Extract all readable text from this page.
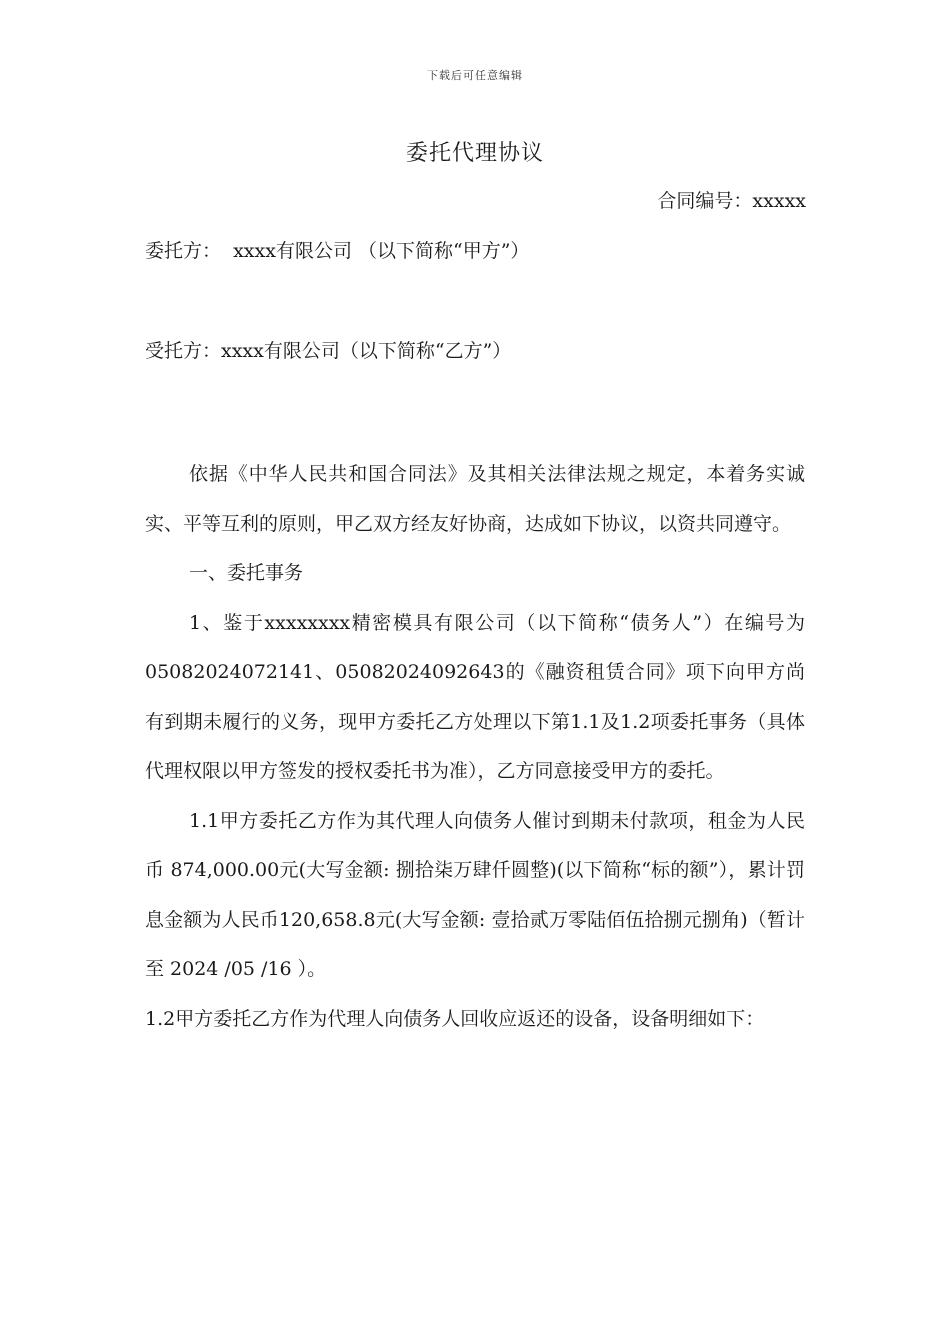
下载后可任意编辑
委托代理协议
合同编号：xxxxx
委托方：  xxxx有限公司 （以下简称“甲方”）
受托方：xxxx有限公司（以下简称“乙方”）

依据《中华人民共和国合同法》及其相关法律法规之规定，本着务实诚实、平等互利的原则，甲乙双方经友好协商，达成如下协议，以资共同遵守。

一、委托事务

1、鉴于xxxxxxxx精密模具有限公司（以下简称“债务人”）在编号为05082024072141、05082024092643的《融资租赁合同》项下向甲方尚有到期未履行的义务，现甲方委托乙方处理以下第1.1及1.2项委托事务（具体代理权限以甲方签发的授权委托书为准），乙方同意接受甲方的委托。

1.1甲方委托乙方作为其代理人向债务人催讨到期未付款项，租金为人民币 874,000.00元(大写金额: 捌拾柒万肆仟圆整)(以下简称“标的额”），累计罚息金额为人民币120,658.8元(大写金额: 壹拾贰万零陆佰伍拾捌元捌角)（暂计至 2024 /05 /16 ）。

1.2甲方委托乙方作为代理人向债务人回收应返还的设备，设备明细如下：
